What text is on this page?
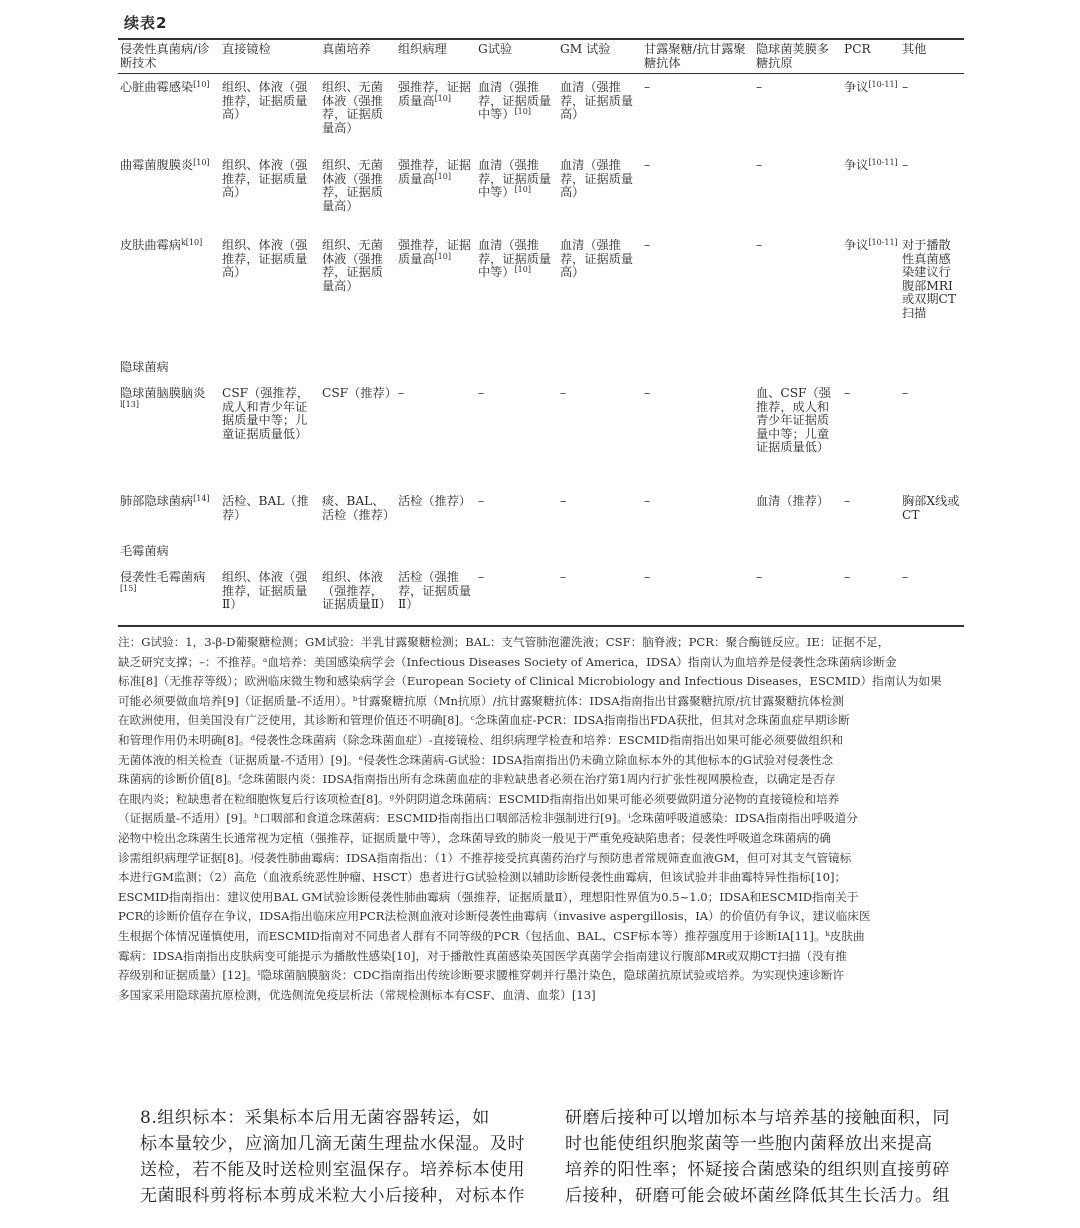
续表2
侵袭性真菌病/诊断技术	直接镜检	真菌培养	组织病理	G试验	GM 试验	甘露聚糖/抗甘露聚糖抗体	隐球菌荚膜多糖抗原	PCR	其他
心脏曲霉感染[10]	组织、体液（强推荐，证据质量高）	组织、无菌体液（强推荐，证据质量高）	强推荐，证据质量高[10]	血清（强推荐，证据质量中等）[10]	血清（强推荐，证据质量高）	–	–	争议[10-11]	–
曲霉菌腹膜炎[10]	组织、体液（强推荐，证据质量高）	组织、无菌体液（强推荐，证据质量高）	强推荐，证据质量高[10]	血清（强推荐，证据质量中等）[10]	血清（强推荐，证据质量高）	–	–	争议[10-11]	–
皮肤曲霉病$^{k[10]}$	组织、体液（强推荐，证据质量高）	组织、无菌体液（强推荐，证据质量高）	强推荐，证据质量高[10]	血清（强推荐，证据质量中等）[10]	血清（强推荐，证据质量高）	–	–	争议[10-11]	对于播散性真菌感染建议行腹部MRI或双期CT扫描
隐球菌病									
隐球菌脑膜脑炎$^{l[13]}$	CSF（强推荐，成人和青少年证据质量中等；儿童证据质量低）	CSF（推荐）	–	–	–	–	血、CSF（强推荐，成人和青少年证据质量中等；儿童证据质量低）	–	–
肺部隐球菌病[14]	活检、BAL（推荐）	痰、BAL、活检（推荐）	活检（推荐）	–	–	–	血清（推荐）	–	胸部X线或CT
毛霉菌病									
侵袭性毛霉菌病[15]	组织、体液（强推荐，证据质量Ⅱ）	组织、体液（强推荐，证据质量Ⅱ）	活检（强推荐，证据质量Ⅱ）	–	–	–	–	–	–
注：G试验：1，3-β-D葡聚糖检测；GM试验：半乳甘露聚糖检测；BAL：支气管肺泡灌洗液；CSF：脑脊液；PCR：聚合酶链反应。IE：证据不足，
缺乏研究支撑；–：不推荐。ᵃ血培养：美国感染病学会（Infectious Diseases Society of America，IDSA）指南认为血培养是侵袭性念珠菌病诊断金
标准[8]（无推荐等级）；欧洲临床微生物和感染病学会（European Society of Clinical Microbiology and Infectious Diseases，ESCMID）指南认为如果
可能必须要做血培养[9]（证据质量-不适用）。ᵇ甘露聚糖抗原（Mn抗原）/抗甘露聚糖抗体：IDSA指南指出甘露聚糖抗原/抗甘露聚糖抗体检测
在欧洲使用，但美国没有广泛使用，其诊断和管理价值还不明确[8]。ᶜ念珠菌血症-PCR：IDSA指南指出FDA获批，但其对念珠菌血症早期诊断
和管理作用仍未明确[8]。ᵈ侵袭性念珠菌病（除念珠菌血症）-直接镜检、组织病理学检查和培养：ESCMID指南指出如果可能必须要做组织和
无菌体液的相关检查（证据质量-不适用）[9]。ᵉ侵袭性念珠菌病-G试验：IDSA指南指出仍未确立除血标本外的其他标本的G试验对侵袭性念
珠菌病的诊断价值[8]。ᶠ念珠菌眼内炎：IDSA指南指出所有念珠菌血症的非粒缺患者必须在治疗第1周内行扩张性视网膜检查，以确定是否存
在眼内炎；粒缺患者在粒细胞恢复后行该项检查[8]。ᵍ外阴阴道念珠菌病：ESCMID指南指出如果可能必须要做阴道分泌物的直接镜检和培养
（证据质量-不适用）[9]。ʰ口咽部和食道念珠菌病：ESCMID指南指出口咽部活检非强制进行[9]。ⁱ念珠菌呼吸道感染：IDSA指南指出呼吸道分
泌物中检出念珠菌生长通常视为定植（强推荐，证据质量中等），念珠菌导致的肺炎一般见于严重免疫缺陷患者；侵袭性呼吸道念珠菌病的确
诊需组织病理学证据[8]。ʲ侵袭性肺曲霉病：IDSA指南指出：（1）不推荐接受抗真菌药治疗与预防患者常规筛查血液GM，但可对其支气管镜标
本进行GM监测；（2）高危（血液系统恶性肿瘤、HSCT）患者进行G试验检测以辅助诊断侵袭性曲霉病，但该试验并非曲霉特异性指标[10]；
ESCMID指南指出：建议使用BAL GM试验诊断侵袭性肺曲霉病（强推荐，证据质量Ⅱ），理想阳性界值为0.5~1.0；IDSA和ESCMID指南关于
PCR的诊断价值存在争议，IDSA指出临床应用PCR法检测血液对诊断侵袭性曲霉病（invasive aspergillosis，IA）的价值仍有争议，建议临床医
生根据个体情况谨慎使用，而ESCMID指南对不同患者人群有不同等级的PCR（包括血、BAL、CSF标本等）推荐强度用于诊断IA[11]。ᵏ皮肤曲
霉病：IDSA指南指出皮肤病变可能提示为播散性感染[10]，对于播散性真菌感染英国医学真菌学会指南建议行腹部MR或双期CT扫描（没有推
荐级别和证据质量）[12]。ˡ隐球菌脑膜脑炎：CDC指南指出传统诊断要求腰椎穿刺并行墨汁染色，隐球菌抗原试验或培养。为实现快速诊断许
多国家采用隐球菌抗原检测，优选侧流免疫层析法（常规检测标本有CSF、血清、血浆）[13]
8.组织标本：采集标本后用无菌容器转运，如
标本量较少，应滴加几滴无菌生理盐水保湿。及时
送检，若不能及时送检则室温保存。培养标本使用
无菌眼科剪将标本剪成米粒大小后接种，对标本作
研磨后接种可以增加标本与培养基的接触面积，同
时也能使组织胞浆菌等一些胞内菌释放出来提高
培养的阳性率；怀疑接合菌感染的组织则直接剪碎
后接种，研磨可能会破坏菌丝降低其生长活力。组
